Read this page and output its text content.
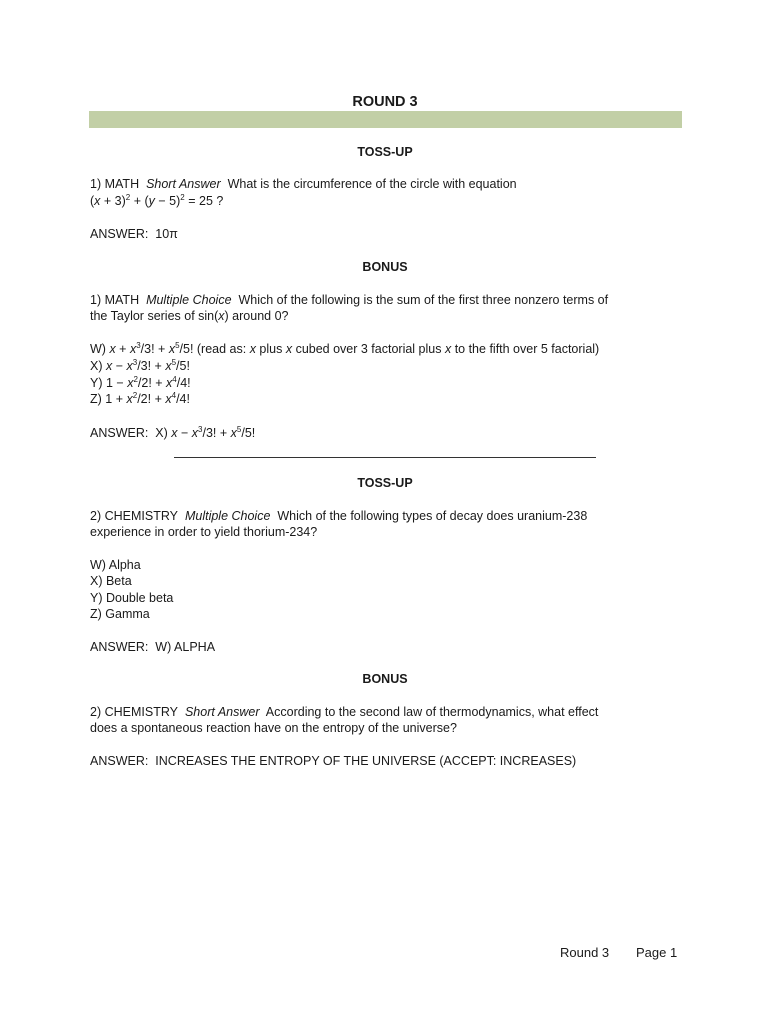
ROUND 3
TOSS-UP
1) MATH Short Answer What is the circumference of the circle with equation
$(x + 3)^2 + (y - 5)^2 = 25$ ?
ANSWER: 10π
BONUS
1) MATH Multiple Choice Which of the following is the sum of the first three nonzero terms of
the Taylor series of sin(x) around 0?
W) $x + x^3/3$! + $x^5/5$! (read as: x plus x cubed over 3 factorial plus x to the fifth over 5 factorial)
X) $x - x^3/3$! + $x^5/5$!
Y) $1 - x^2/2$! + $x^4/4$!
Z) $1 + x^2/2$! + $x^4/4$!
ANSWER: X) $x - x^3/3$! + $x^5/5$!
TOSS-UP
2) CHEMISTRY Multiple Choice Which of the following types of decay does uranium-238
experience in order to yield thorium-234?
W) Alpha
X) Beta
Y) Double beta
Z) Gamma
ANSWER: W) ALPHA
BONUS
2) CHEMISTRY Short Answer According to the second law of thermodynamics, what effect
does a spontaneous reaction have on the entropy of the universe?
ANSWER: INCREASES THE ENTROPY OF THE UNIVERSE (ACCEPT: INCREASES)
Round 3 Page 1
